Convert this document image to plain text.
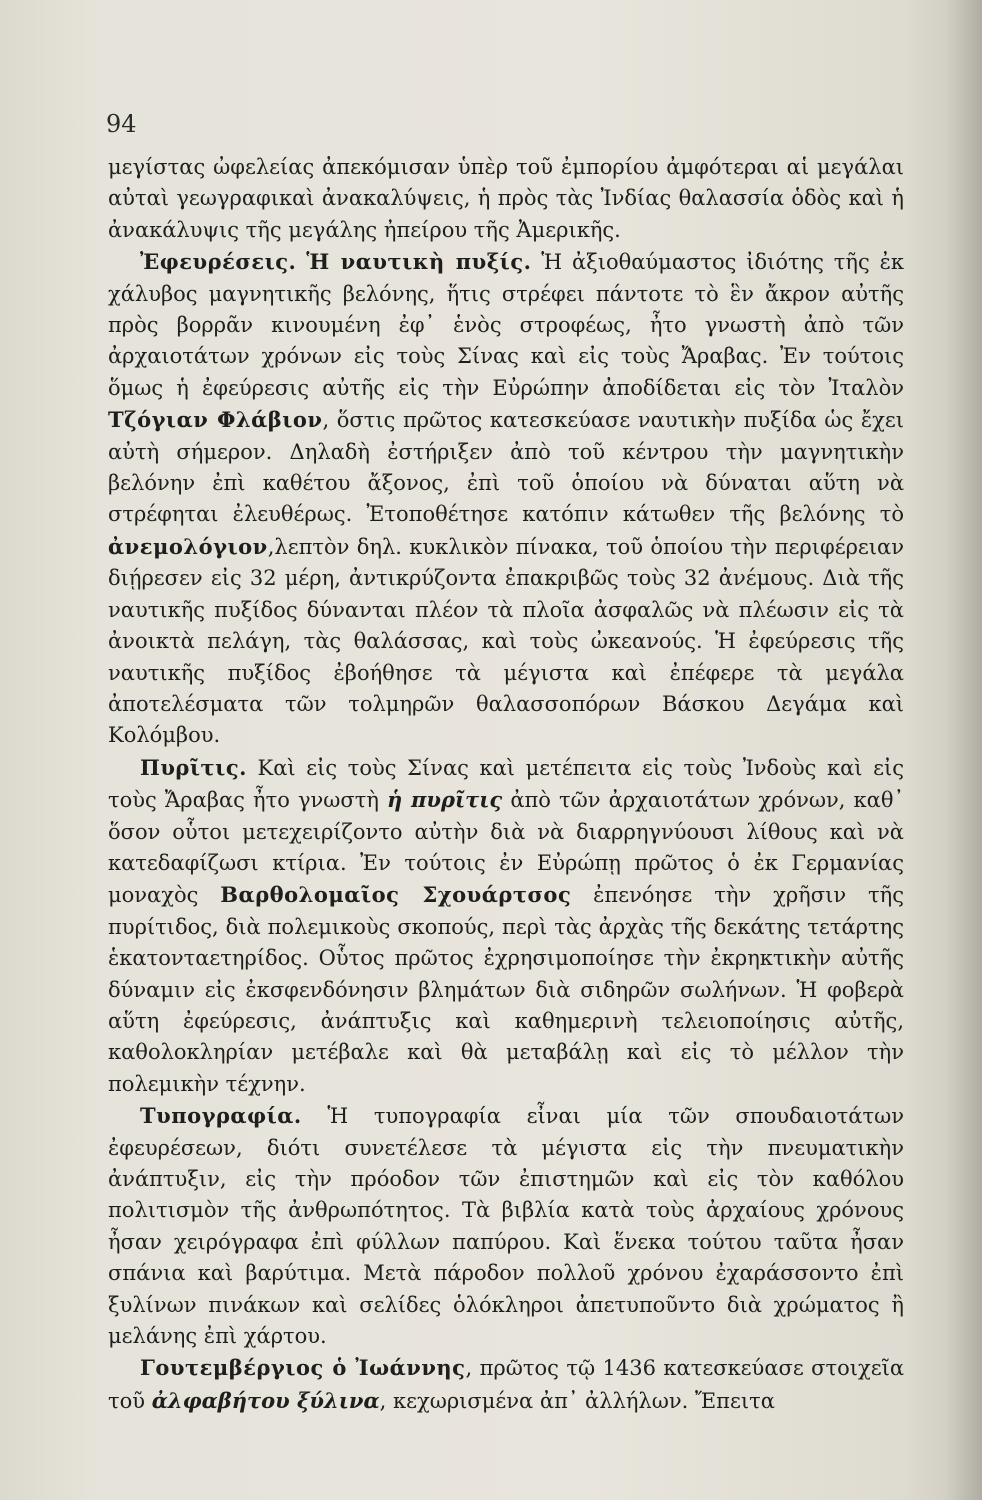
94

μεγίστας ὠφελείας ἀπεκόμισαν ὑπὲρ τοῦ ἐμπορίου ἀμφότεραι αἱ μεγάλαι αὐταὶ γεωγραφικαὶ ἀνακαλύψεις, ἡ πρὸς τὰς Ἰνδίας θαλασσία ὁδὸς καὶ ἡ ἀνακάλυψις τῆς μεγάλης ἠπείρου τῆς Ἀμερικῆς.

Ἐφευρέσεις. Ἡ ναυτικὴ πυξίς. Ἡ ἀξιοθαύμαστος ἰδιότης τῆς ἐκ χάλυβος μαγνητικῆς βελόνης, ἥτις στρέφει πάντοτε τὸ ἓν ἄκρον αὐτῆς πρὸς βορρᾶν κινουμένη ἐφ᾽ ἑνὸς στροφέως, ἦτο γνωστὴ ἀπὸ τῶν ἀρχαιοτάτων χρόνων εἰς τοὺς Σίνας καὶ εἰς τοὺς Ἄραβας. Ἐν τούτοις ὅμως ἡ ἐφεύρεσις αὐτῆς εἰς τὴν Εὐρώπην ἀποδίδεται εἰς τὸν Ἰταλὸν Τζόγιαν Φλάβιον, ὅστις πρῶτος κατεσκεύασε ναυτικὴν πυξίδα ὡς ἔχει αὐτὴ σήμερον. Δηλαδὴ ἐστήριξεν ἀπὸ τοῦ κέντρου τὴν μαγνητικὴν βελόνην ἐπὶ καθέτου ἄξονος, ἐπὶ τοῦ ὁποίου νὰ δύναται αὕτη νὰ στρέφηται ἐλευθέρως. Ἐτοποθέτησε κατόπιν κάτωθεν τῆς βελόνης τὸ ἀνεμολόγιον,λεπτὸν δηλ. κυκλικὸν πίνακα, τοῦ ὁποίου τὴν περιφέρειαν διῄρεσεν εἰς 32 μέρη, ἀντικρύζοντα ἐπακριβῶς τοὺς 32 ἀνέμους. Διὰ τῆς ναυτικῆς πυξίδος δύνανται πλέον τὰ πλοῖα ἀσφαλῶς νὰ πλέωσιν εἰς τὰ ἀνοικτὰ πελάγη, τὰς θαλάσσας, καὶ τοὺς ὠκεανούς. Ἡ ἐφεύρεσις τῆς ναυτικῆς πυξίδος ἐβοήθησε τὰ μέγιστα καὶ ἐπέφερε τὰ μεγάλα ἀποτελέσματα τῶν τολμηρῶν θαλασσοπόρων Βάσκου Δεγάμα καὶ Κολόμβου.

Πυρῖτις. Καὶ εἰς τοὺς Σίνας καὶ μετέπειτα εἰς τοὺς Ἰνδοὺς καὶ εἰς τοὺς Ἄραβας ἦτο γνωστὴ ἡ πυρῖτις ἀπὸ τῶν ἀρχαιοτάτων χρόνων, καθ᾽ ὅσον οὗτοι μετεχειρίζοντο αὐτὴν διὰ νὰ διαρρηγνύουσι λίθους καὶ νὰ κατεδαφίζωσι κτίρια. Ἐν τούτοις ἐν Εὐρώπῃ πρῶτος ὁ ἐκ Γερμανίας μοναχὸς Βαρθολομαῖος Σχουάρτσος ἐπενόησε τὴν χρῆσιν τῆς πυρίτιδος, διὰ πολεμικοὺς σκοπούς, περὶ τὰς ἀρχὰς τῆς δεκάτης τετάρτης ἑκατονταετηρίδος. Οὗτος πρῶτος ἐχρησιμοποίησε τὴν ἐκρηκτικὴν αὐτῆς δύναμιν εἰς ἐκσφενδόνησιν βλημάτων διὰ σιδηρῶν σωλήνων. Ἡ φοβερὰ αὕτη ἐφεύρεσις, ἀνάπτυξις καὶ καθημερινὴ τελειοποίησις αὐτῆς, καθολοκληρίαν μετέβαλε καὶ θὰ μεταβάλῃ καὶ εἰς τὸ μέλλον τὴν πολεμικὴν τέχνην.

Τυπογραφία. Ἡ τυπογραφία εἶναι μία τῶν σπουδαιοτάτων ἐφευρέσεων, διότι συνετέλεσε τὰ μέγιστα εἰς τὴν πνευματικὴν ἀνάπτυξιν, εἰς τὴν πρόοδον τῶν ἐπιστημῶν καὶ εἰς τὸν καθόλου πολιτισμὸν τῆς ἀνθρωπότητος. Τὰ βιβλία κατὰ τοὺς ἀρχαίους χρόνους ἦσαν χειρόγραφα ἐπὶ φύλλων παπύρου. Καὶ ἕνεκα τούτου ταῦτα ἦσαν σπάνια καὶ βαρύτιμα. Μετὰ πάροδον πολλοῦ χρόνου ἐχαράσσοντο ἐπὶ ξυλίνων πινάκων καὶ σελίδες ὁλόκληροι ἀπετυποῦντο διὰ χρώματος ἢ μελάνης ἐπὶ χάρτου.

Γουτεμβέργιος ὁ Ἰωάννης, πρῶτος τῷ 1436 κατεσκεύασε στοιχεῖα τοῦ ἀλφαβήτου ξύλινα, κεχωρισμένα ἀπ᾽ ἀλλήλων. Ἔπειτα
